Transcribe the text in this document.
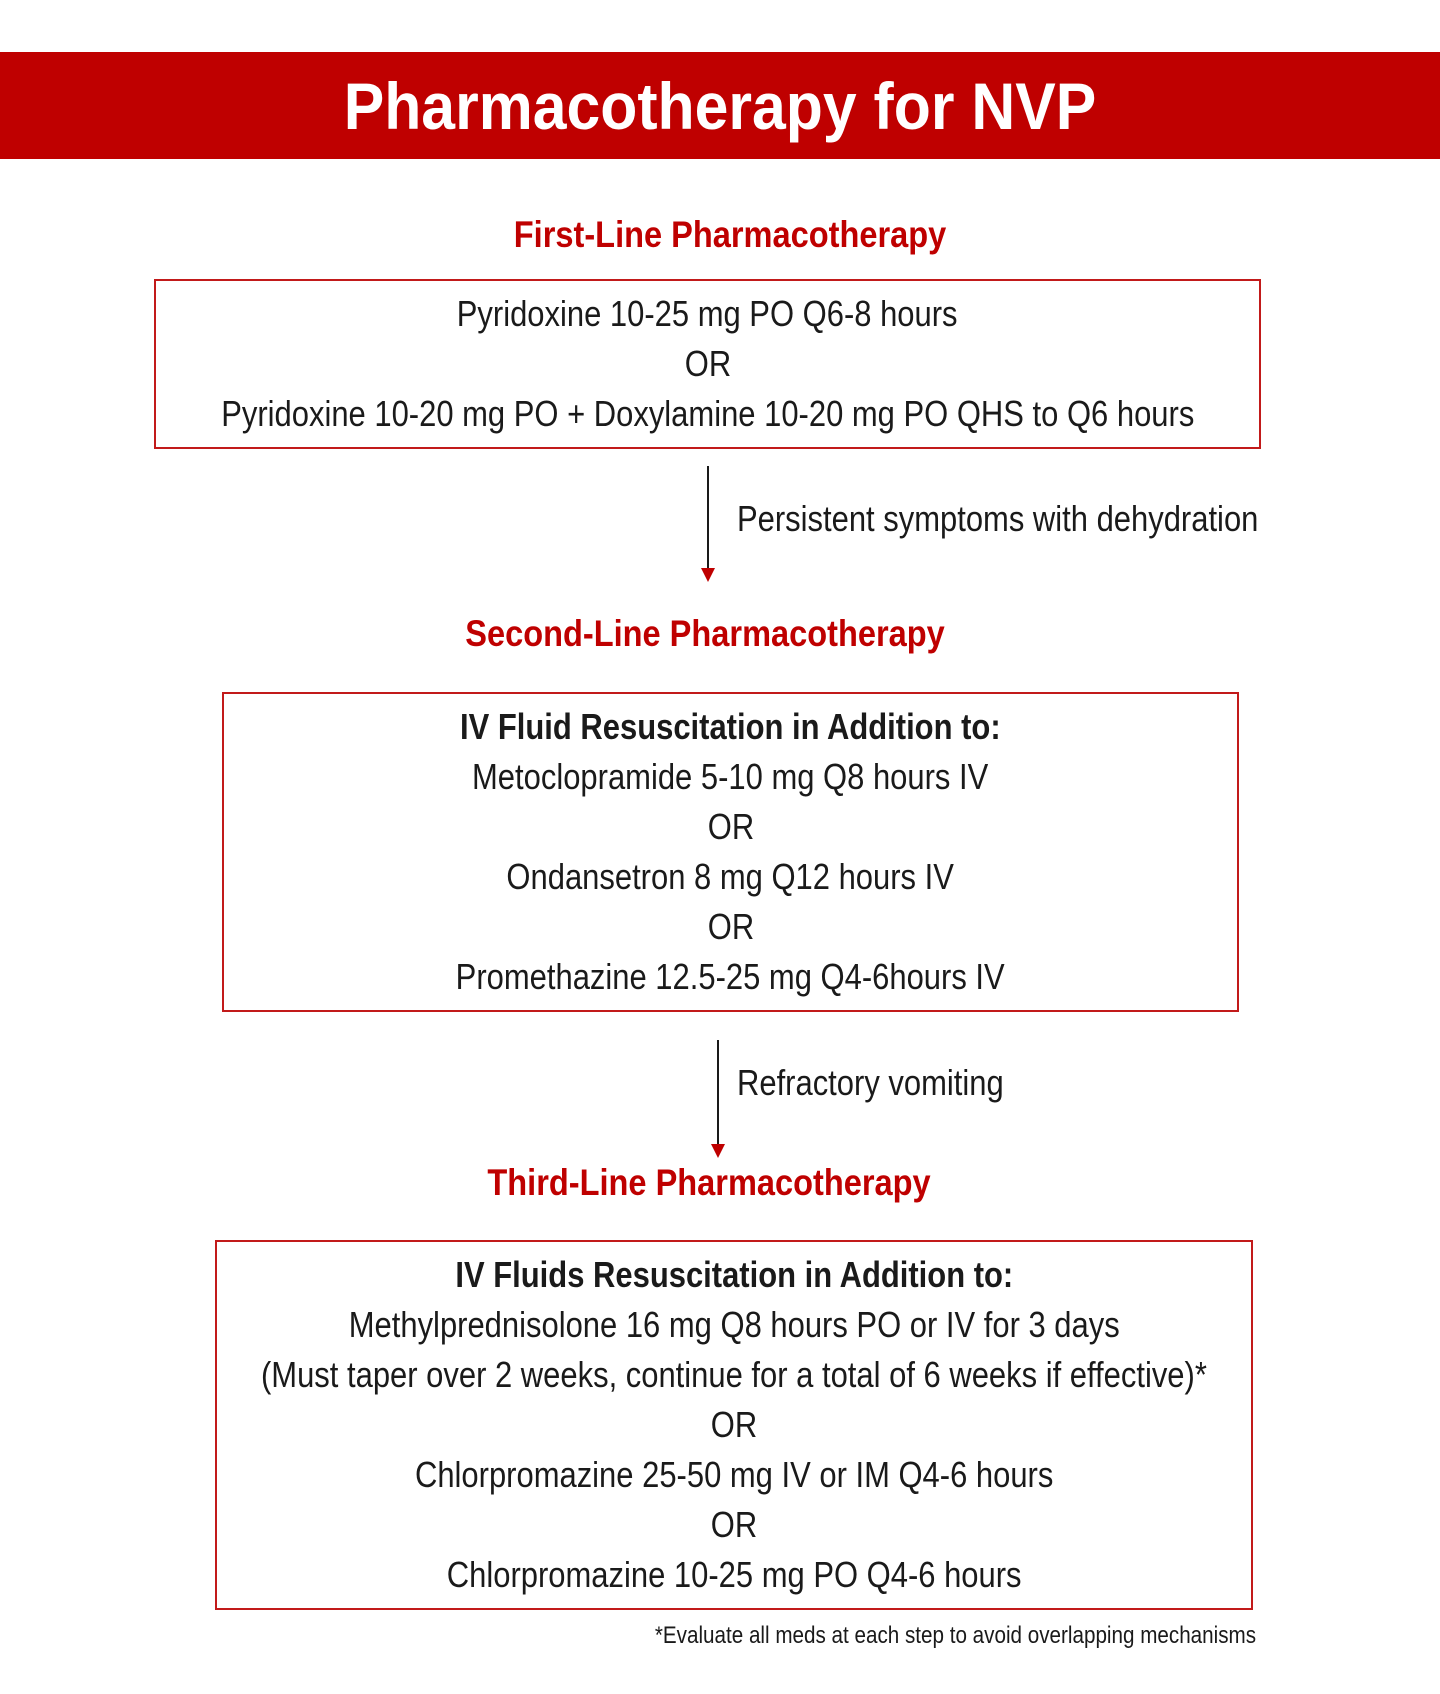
Pharmacotherapy for NVP
First-Line Pharmacotherapy
Pyridoxine 10-25 mg PO Q6-8 hours
OR
Pyridoxine 10-20 mg PO + Doxylamine 10-20 mg PO QHS to Q6 hours
Persistent symptoms with dehydration
Second-Line Pharmacotherapy
IV Fluid Resuscitation in Addition to:
Metoclopramide 5-10 mg Q8 hours IV
OR
Ondansetron 8 mg Q12 hours IV
OR
Promethazine 12.5-25 mg Q4-6hours IV
Refractory vomiting
Third-Line Pharmacotherapy
IV Fluids Resuscitation in Addition to:
Methylprednisolone 16 mg Q8 hours PO or IV for 3 days
(Must taper over 2 weeks, continue for a total of 6 weeks if effective)*
OR
Chlorpromazine 25-50 mg IV or IM Q4-6 hours
OR
Chlorpromazine 10-25 mg PO Q4-6 hours
*Evaluate all meds at each step to avoid overlapping mechanisms
